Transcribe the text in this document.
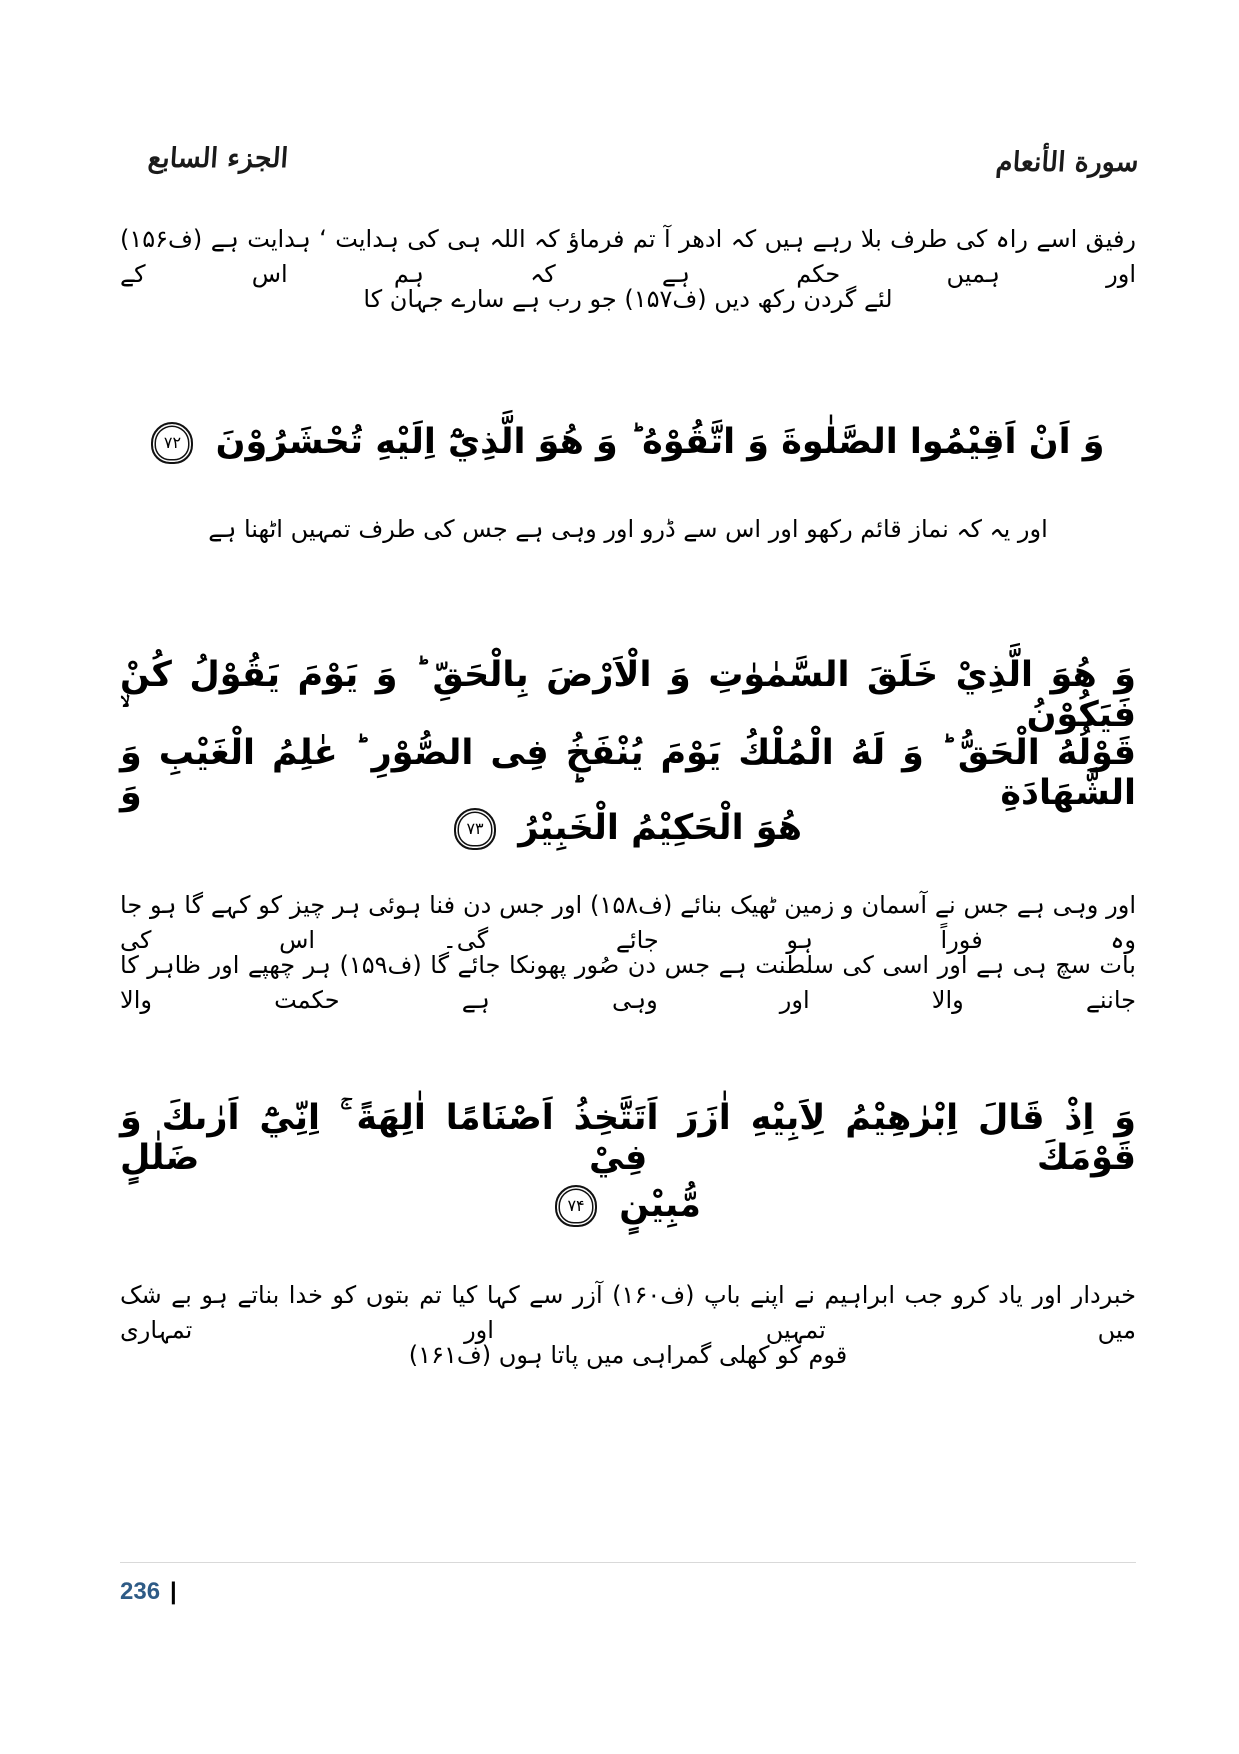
الجزء السابع	سورة الأنعام
رفیق اسے راہ کی طرف بلا رہے ہیں کہ ادھر آ تم فرماؤ کہ اللہ ہی کی ہدایت ‘ ہدایت ہے (ف۱۵۶) اور ہمیں حکم ہے کہ ہم اس کے
لئے گردن رکھ دیں (ف۱۵۷) جو رب ہے سارے جہان کا
وَ اَنْ اَقِيْمُوا الصَّلٰوةَ وَ اتَّقُوْهُ ؕ وَ هُوَ الَّذِيْٓ اِلَيْهِ تُحْشَرُوْنَ ۷۲
اور یہ کہ نماز قائم رکھو اور اس سے ڈرو اور وہی ہے جس کی طرف تمہیں اٹھنا ہے
وَ هُوَ الَّذِيْ خَلَقَ السَّمٰوٰتِ وَ الْاَرْضَ بِالْحَقِّ ؕ وَ يَوْمَ يَقُوْلُ كُنْ فَيَكُوْنُ ۙ
قَوْلُهُ الْحَقُّ ؕ وَ لَهُ الْمُلْكُ يَوْمَ يُنْفَخُ فِى الصُّوْرِ ؕ عٰلِمُ الْغَيْبِ وَ الشَّهَادَةِ ؕ وَ
هُوَ الْحَكِيْمُ الْخَبِيْرُ ۷۳
اور وہی ہے جس نے آسمان و زمین ٹھیک بنائے (ف۱۵۸) اور جس دن فنا ہوئی ہر چیز کو کہے گا ہو جا وہ فوراً ہو جائے گی۔ اس کی
بات سچ ہی ہے اور اسی کی سلطنت ہے جس دن صُور پھونکا جائے گا (ف۱۵۹) ہر چھپے اور ظاہر کا جاننے والا اور وہی ہے حکمت والا
وَ اِذْ قَالَ اِبْرٰهِيْمُ لِاَبِيْهِ اٰزَرَ اَتَتَّخِذُ اَصْنَامًا اٰلِهَةً ۚ اِنِّيْٓ اَرٰىكَ وَ قَوْمَكَ فِيْ ضَلٰلٍ
مُّبِيْنٍ ۷۴
خبردار اور یاد کرو جب ابراہیم نے اپنے باپ (ف۱۶۰) آزر سے کہا کیا تم بتوں کو خدا بناتے ہو بے شک میں تمہیں اور تمہاری
قوم کو کھلی گمراہی میں پاتا ہوں (ف۱۶۱)
236 |
